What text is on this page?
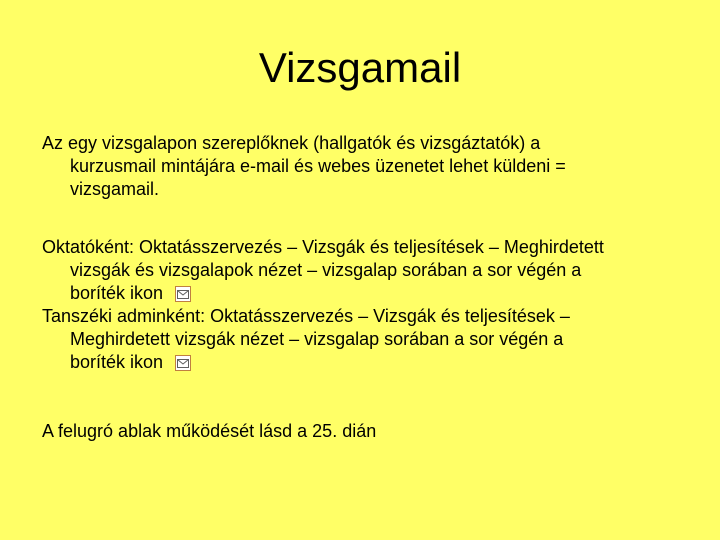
Vizsgamail

Az egy vizsgalapon szereplőknek (hallgatók és vizsgáztatók) a
kurzusmail mintájára e-mail és webes üzenetet lehet küldeni =
vizsgamail.

Oktatóként: Oktatásszervezés – Vizsgák és teljesítések – Meghirdetett
vizsgák és vizsgalapok nézet – vizsgalap sorában a sor végén a
boríték ikon
Tanszéki adminként: Oktatásszervezés – Vizsgák és teljesítések –
Meghirdetett vizsgák nézet – vizsgalap sorában a sor végén a
boríték ikon

A felugró ablak működését lásd a 25. dián
